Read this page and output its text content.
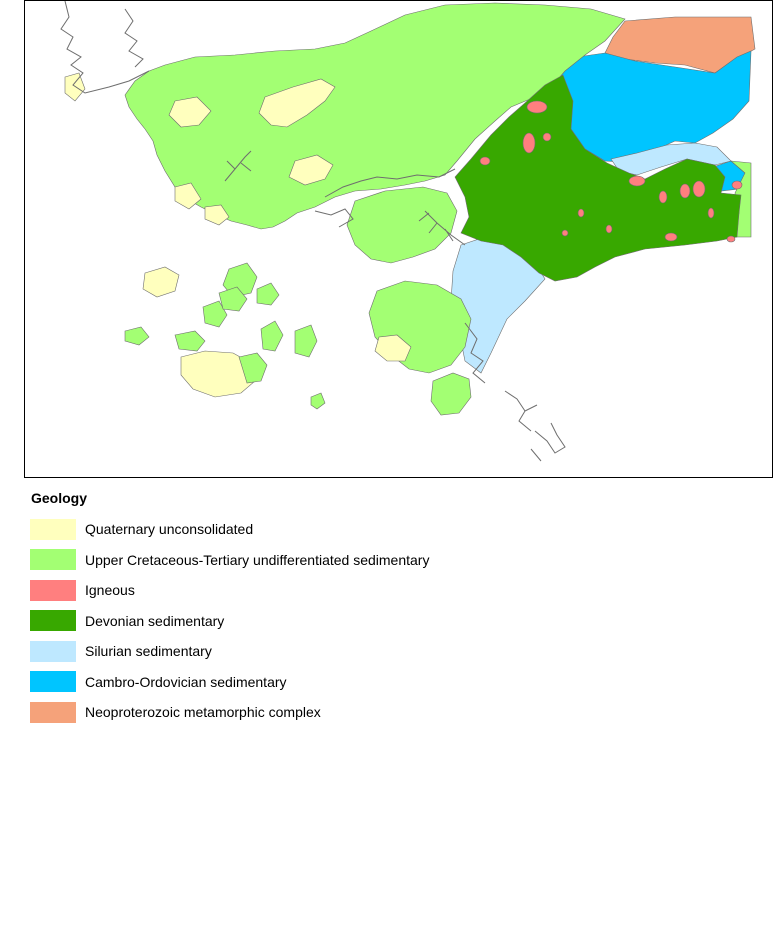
Geology
Quaternary unconsolidated
Upper Cretaceous-Tertiary undifferentiated sedimentary
Igneous
Devonian sedimentary
Silurian sedimentary
Cambro-Ordovician sedimentary
Neoproterozoic metamorphic complex
